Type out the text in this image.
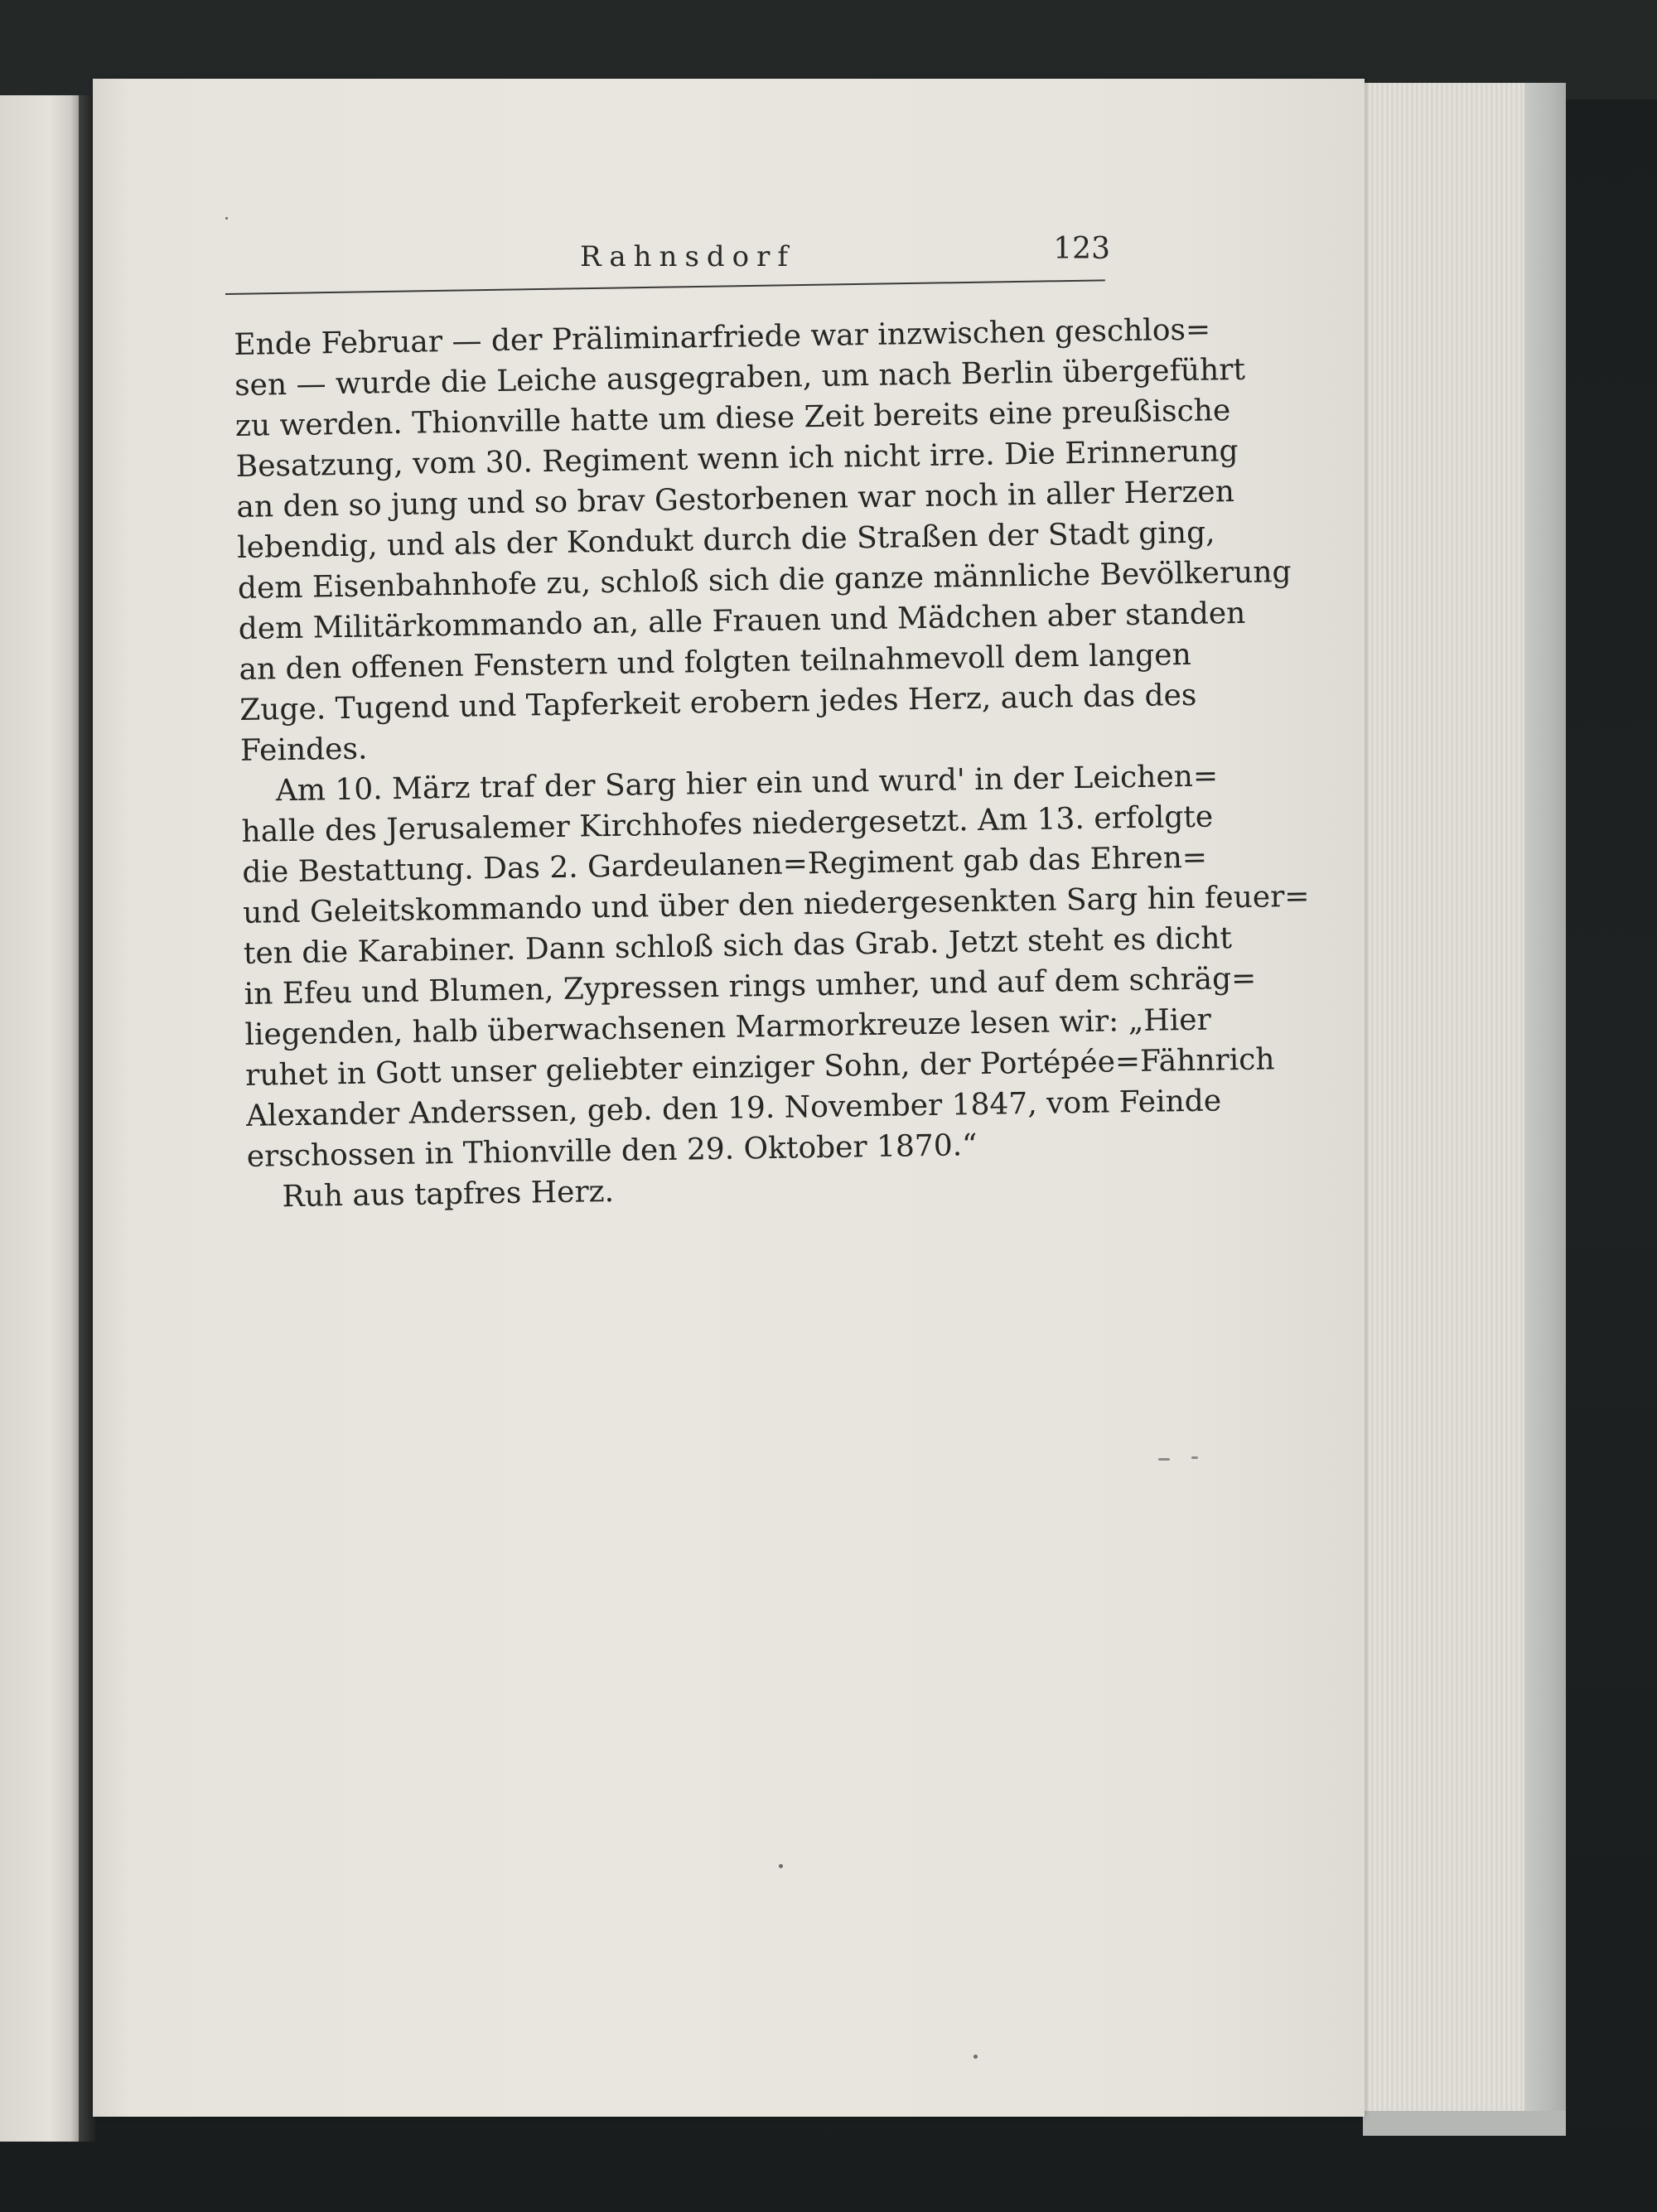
Rahnsdorf	123
Ende Februar — der Präliminarfriede war inzwischen geschlos=
sen — wurde die Leiche ausgegraben, um nach Berlin übergeführt
zu werden. Thionville hatte um diese Zeit bereits eine preußische
Besatzung, vom 30. Regiment wenn ich nicht irre. Die Erinnerung
an den so jung und so brav Gestorbenen war noch in aller Herzen
lebendig, und als der Kondukt durch die Straßen der Stadt ging,
dem Eisenbahnhofe zu, schloß sich die ganze männliche Bevölkerung
dem Militärkommando an, alle Frauen und Mädchen aber standen
an den offenen Fenstern und folgten teilnahmevoll dem langen
Zuge. Tugend und Tapferkeit erobern jedes Herz, auch das des
Feindes.
Am 10. März traf der Sarg hier ein und wurd' in der Leichen=
halle des Jerusalemer Kirchhofes niedergesetzt. Am 13. erfolgte
die Bestattung. Das 2. Gardeulanen=Regiment gab das Ehren=
und Geleitskommando und über den niedergesenkten Sarg hin feuer=
ten die Karabiner. Dann schloß sich das Grab. Jetzt steht es dicht
in Efeu und Blumen, Zypressen rings umher, und auf dem schräg=
liegenden, halb überwachsenen Marmorkreuze lesen wir: „Hier
ruhet in Gott unser geliebter einziger Sohn, der Portépée=Fähnrich
Alexander Anderssen, geb. den 19. November 1847, vom Feinde
erschossen in Thionville den 29. Oktober 1870.“
Ruh aus tapfres Herz.
